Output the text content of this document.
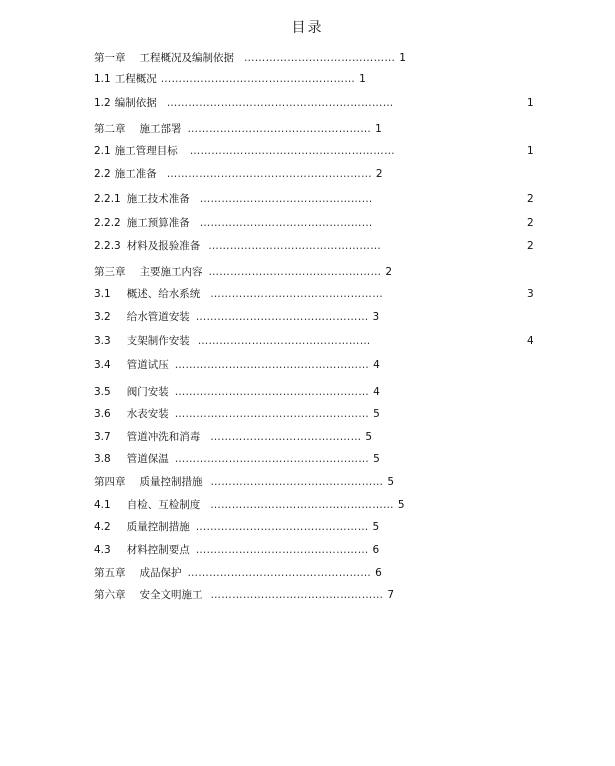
目录
第一章 工程概况及编制依据 …………………………………… 1
1.1 工程概况 ……………………………………………… 1
1.2 编制依据 ………………………………………………………	1
第二章 施工部署 …………………………………………… 1
2.1 施工管理目标 …………………………………………………	1
2.2 施工准备 ………………………………………………… 2
2.2.1 施工技术准备 …………………………………………	2
2.2.2 施工预算准备 …………………………………………	2
2.2.3 材料及报验准备 …………………………………………	2
第三章 主要施工内容 ………………………………………… 2
3.1 概述、给水系统 …………………………………………	3
3.2 给水管道安装 ………………………………………… 3
3.3 支架制作安装 …………………………………………	4
3.4 管道试压 ……………………………………………… 4
3.5 阀门安装 ……………………………………………… 4
3.6 水表安装 ……………………………………………… 5
3.7 管道冲洗和消毒 …………………………………… 5
3.8 管道保温 ……………………………………………… 5
第四章 质量控制措施 ………………………………………… 5
4.1 自检、互检制度 …………………………………………… 5
4.2 质量控制措施 ………………………………………… 5
4.3 材料控制要点 ………………………………………… 6
第五章 成品保护 …………………………………………… 6
第六章 安全文明施工 ………………………………………… 7
